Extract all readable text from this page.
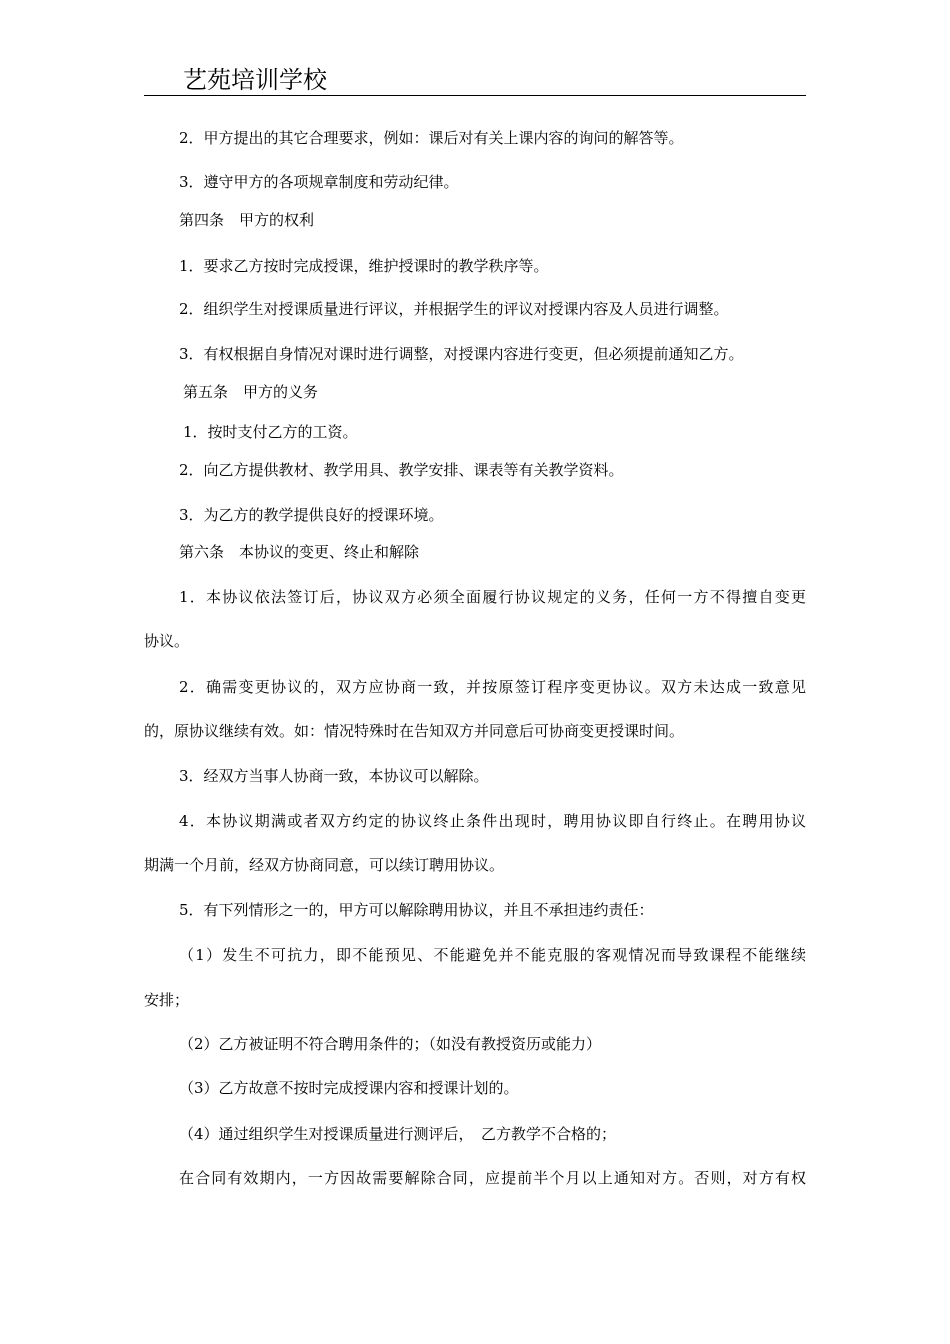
艺苑培训学校
2．甲方提出的其它合理要求，例如：课后对有关上课内容的询问的解答等。
3．遵守甲方的各项规章制度和劳动纪律。
第四条　甲方的权利
1．要求乙方按时完成授课，维护授课时的教学秩序等。
2．组织学生对授课质量进行评议，并根据学生的评议对授课内容及人员进行调整。
3．有权根据自身情况对课时进行调整，对授课内容进行变更，但必须提前通知乙方。
第五条　甲方的义务
1．按时支付乙方的工资。
2．向乙方提供教材、教学用具、教学安排、课表等有关教学资料。
3．为乙方的教学提供良好的授课环境。
第六条　本协议的变更、终止和解除
1．本协议依法签订后，协议双方必须全面履行协议规定的义务，任何一方不得擅自变更
协议。
2．确需变更协议的，双方应协商一致，并按原签订程序变更协议。双方未达成一致意见
的，原协议继续有效。如：情况特殊时在告知双方并同意后可协商变更授课时间。
3．经双方当事人协商一致，本协议可以解除。
4．本协议期满或者双方约定的协议终止条件出现时，聘用协议即自行终止。在聘用协议
期满一个月前，经双方协商同意，可以续订聘用协议。
5．有下列情形之一的，甲方可以解除聘用协议，并且不承担违约责任：
（1）发生不可抗力，即不能预见、不能避免并不能克服的客观情况而导致课程不能继续
安排；
（2）乙方被证明不符合聘用条件的；（如没有教授资历或能力）
（3）乙方故意不按时完成授课内容和授课计划的。
（4）通过组织学生对授课质量进行测评后，　乙方教学不合格的；
在合同有效期内，一方因故需要解除合同，应提前半个月以上通知对方。否则，对方有权
